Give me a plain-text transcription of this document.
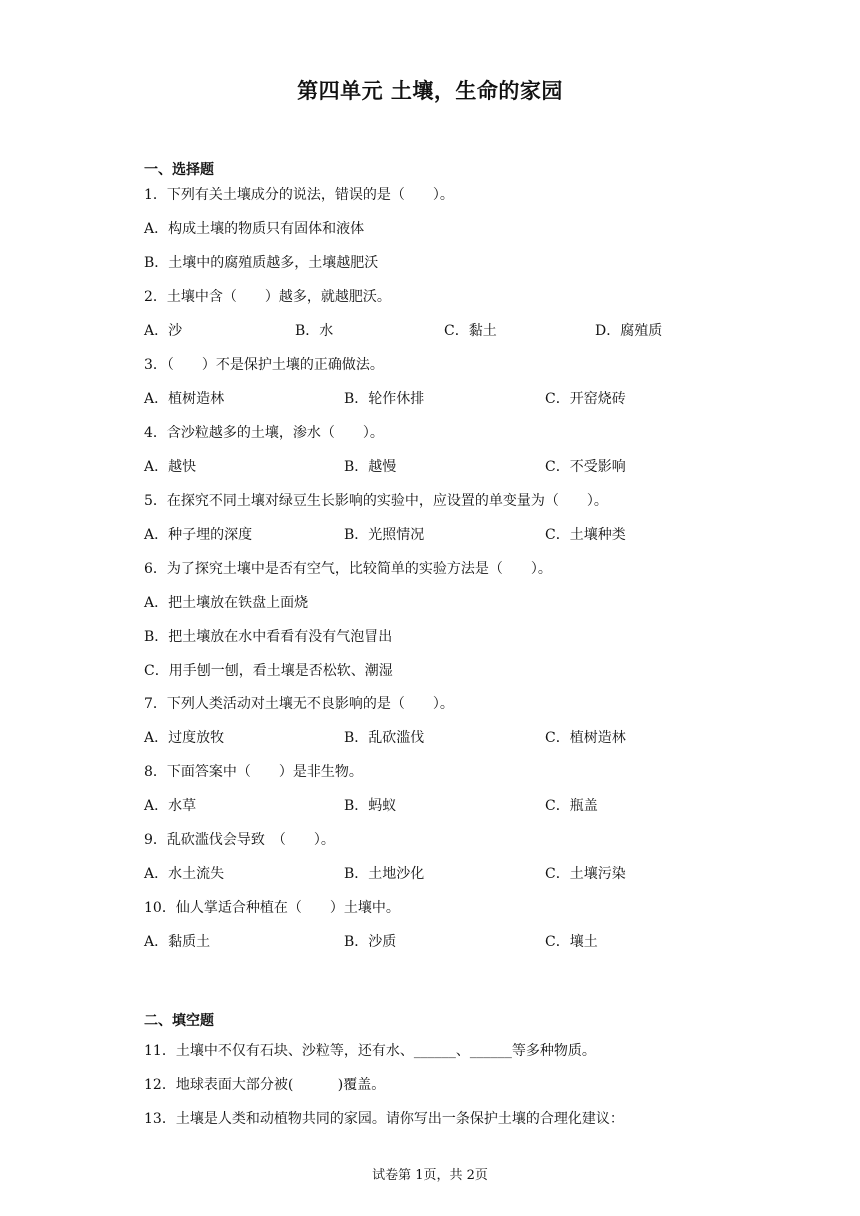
第四单元 土壤，生命的家园
一、选择题
1．下列有关土壤成分的说法，错误的是（　　）。
A．构成土壤的物质只有固体和液体
B．土壤中的腐殖质越多，土壤越肥沃
2．土壤中含（　　）越多，就越肥沃。
A．沙	B．水	C．黏土	D．腐殖质
3．（　　）不是保护土壤的正确做法。
A．植树造林	B．轮作休排	C．开窑烧砖
4．含沙粒越多的土壤，渗水（　　）。
A．越快	B．越慢	C．不受影响
5．在探究不同土壤对绿豆生长影响的实验中，应设置的单变量为（　　）。
A．种子埋的深度	B．光照情况	C．土壤种类
6．为了探究土壤中是否有空气，比较简单的实验方法是（　　）。
A．把土壤放在铁盘上面烧
B．把土壤放在水中看看有没有气泡冒出
C．用手刨一刨，看土壤是否松软、潮湿
7．下列人类活动对土壤无不良影响的是（　　）。
A．过度放牧	B．乱砍滥伐	C．植树造林
8．下面答案中（　　）是非生物。
A．水草	B．蚂蚁	C．瓶盖
9．乱砍滥伐会导致　（　　）。
A．水土流失	B．土地沙化	C．土壤污染
10．仙人掌适合种植在（　　）土壤中。
A．黏质土	B．沙质	C．壤土
二、填空题
11．土壤中不仅有石块、沙粒等，还有水、______、______等多种物质。
12．地球表面大部分被(          )覆盖。
13．土壤是人类和动植物共同的家园。请你写出一条保护土壤的合理化建议：
试卷第 1页，共 2页
